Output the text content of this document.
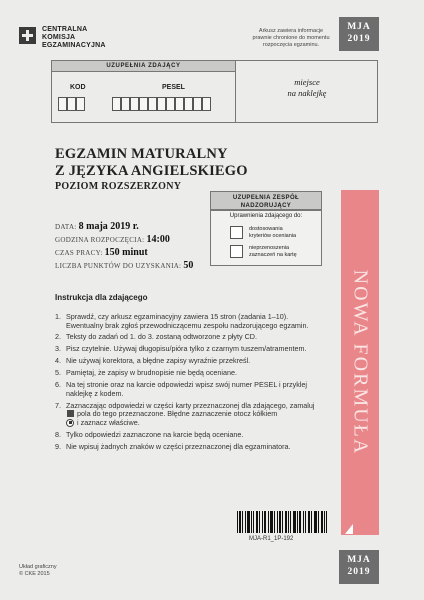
CENTRALNA
KOMISJA
EGZAMINACYJNA
Arkusz zawiera informacje
prawnie chronione do momentu
rozpoczęcia egzaminu.
MJA
2019
UZUPEŁNIA ZDAJĄCY
KOD	PESEL
miejsce
na naklejkę
EGZAMIN MATURALNY
Z JĘZYKA ANGIELSKIEGO
POZIOM ROZSZERZONY
DATA: 8 maja 2019 r.
GODZINA ROZPOCZĘCIA: 14:00
CZAS PRACY: 150 minut
LICZBA PUNKTÓW DO UZYSKANIA: 50
UZUPEŁNIA ZESPÓŁ
NADZORUJĄCY
Uprawnienia zdającego do:
dostosowania
kryteriów oceniania
nieprzenoszenia
zaznaczeń na kartę
NOWA FORMUŁA
Instrukcja dla zdającego
1. Sprawdź, czy arkusz egzaminacyjny zawiera 15 stron (zadania 1–10). Ewentualny brak zgłoś przewodniczącemu zespołu nadzorującego egzamin.
2. Teksty do zadań od 1. do 3. zostaną odtworzone z płyty CD.
3. Pisz czytelnie. Używaj długopisu/pióra tylko z czarnym tuszem/atramentem.
4. Nie używaj korektora, a błędne zapisy wyraźnie przekreśl.
5. Pamiętaj, że zapisy w brudnopisie nie będą oceniane.
6. Na tej stronie oraz na karcie odpowiedzi wpisz swój numer PESEL i przyklej naklejkę z kodem.
7. Zaznaczając odpowiedzi w części karty przeznaczonej dla zdającego, zamaluj  pola do tego przeznaczone. Błędne zaznaczenie otocz kółkiem
i zaznacz właściwe.
8. Tylko odpowiedzi zaznaczone na karcie będą oceniane.
9. Nie wpisuj żadnych znaków w części przeznaczonej dla egzaminatora.
MJA-R1_1P-192
Układ graficzny
© CKE 2015
MJA
2019
